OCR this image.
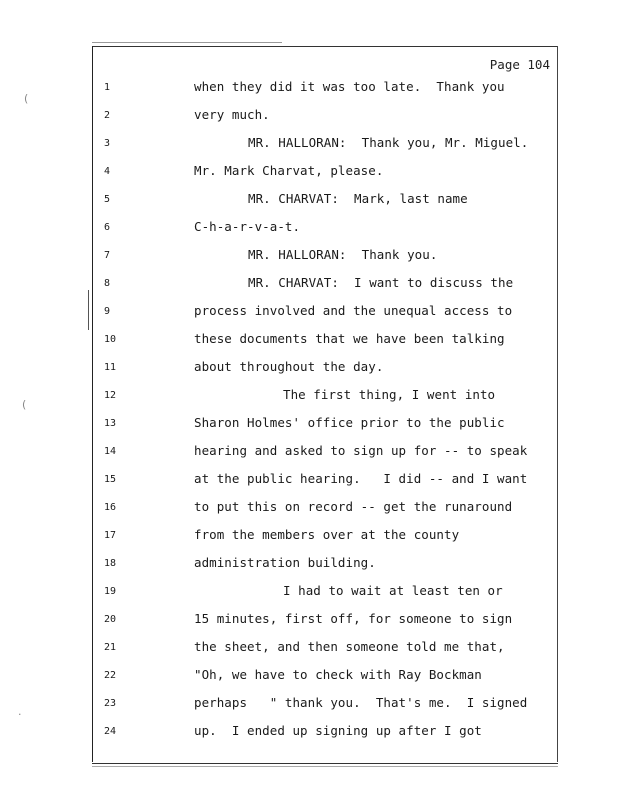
(
(
·
Page 104
1	when they did it was too late.  Thank you
2	very much.
3	MR. HALLORAN:  Thank you, Mr. Miguel.
4	Mr. Mark Charvat, please.
5	MR. CHARVAT:  Mark, last name
6	C-h-a-r-v-a-t.
7	MR. HALLORAN:  Thank you.
8	MR. CHARVAT:  I want to discuss the
9	process involved and the unequal access to
10	these documents that we have been talking
11	about throughout the day.
12	The first thing, I went into
13	Sharon Holmes' office prior to the public
14	hearing and asked to sign up for -- to speak
15	at the public hearing.   I did -- and I want
16	to put this on record -- get the runaround
17	from the members over at the county
18	administration building.
19	I had to wait at least ten or
20	15 minutes, first off, for someone to sign
21	the sheet, and then someone told me that,
22	"Oh, we have to check with Ray Bockman
23	perhaps   " thank you.  That's me.  I signed
24	up.  I ended up signing up after I got
